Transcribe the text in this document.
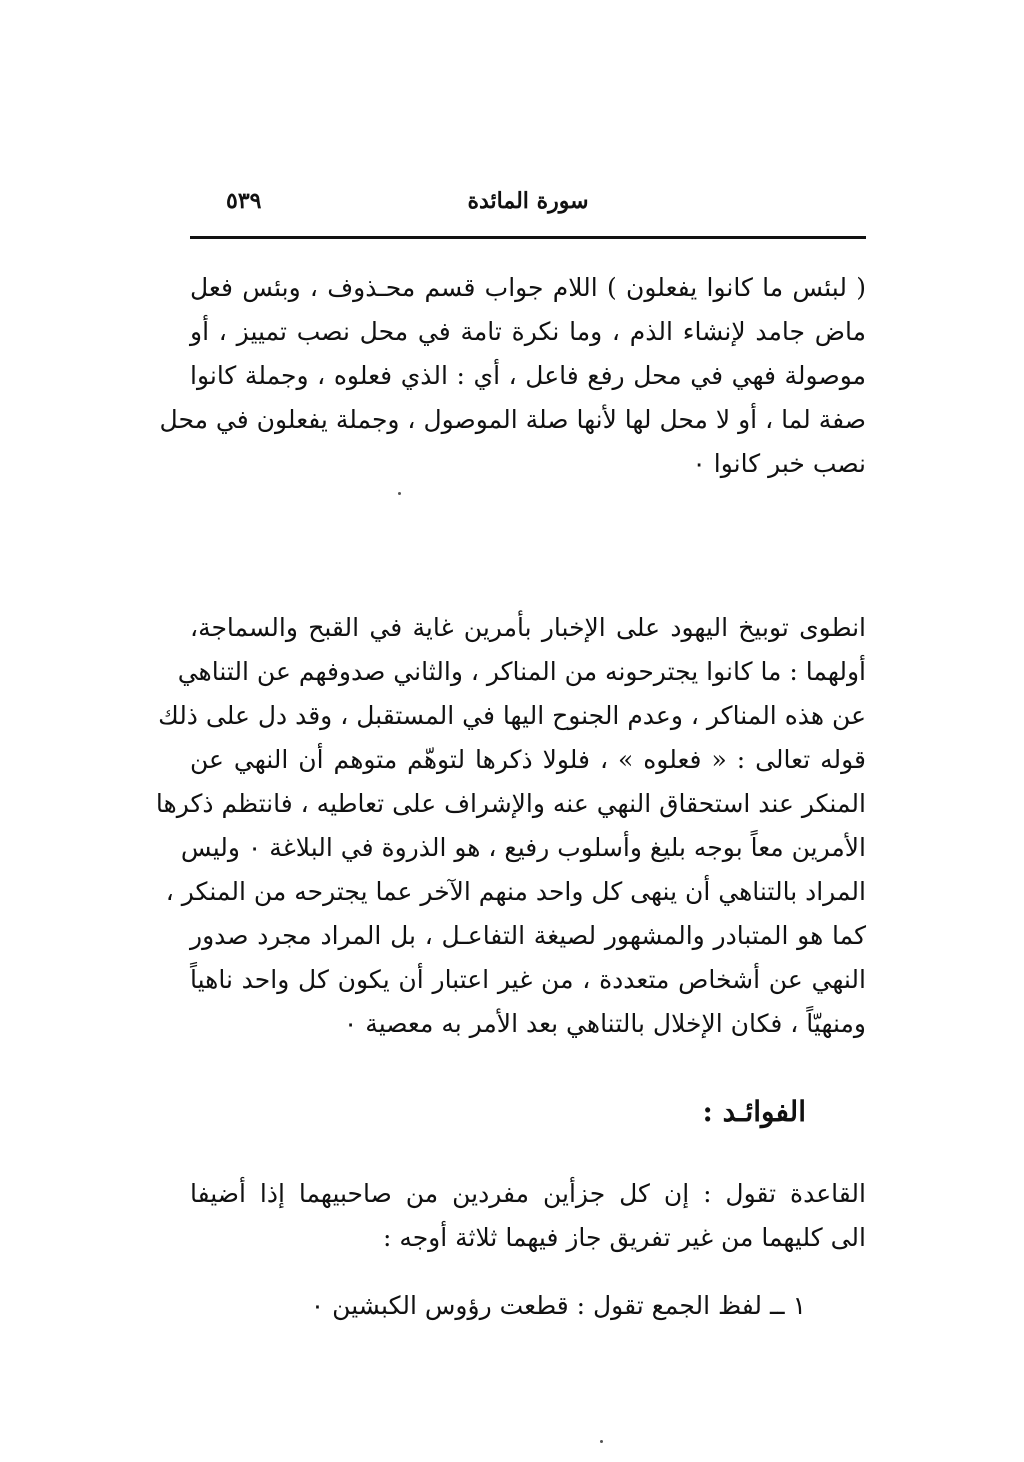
٥٣٩	سورة المائدة
( لبئس ما كانوا يفعلون ) اللام جواب قسم محـذوف ، وبئس فعل
ماض جامد لإنشاء الذم ، وما نكرة تامة في محل نصب تمييز ، أو
موصولة فهي في محل رفع فاعل ، أي : الذي فعلوه ، وجملة كانوا
صفة لما ، أو لا محل لها لأنها صلة الموصول ، وجملة يفعلون في محل
نصب خبر كانوا ٠
انطوى توبيخ اليهود على الإخبار بأمرين غاية في القبح والسماجة،
أولهما : ما كانوا يجترحونه من المناكر ، والثاني صدوفهم عن التناهي
عن هذه المناكر ، وعدم الجنوح اليها في المستقبل ، وقد دل على ذلك
قوله تعالى : « فعلوه » ، فلولا ذكرها لتوهّم متوهم أن النهي عن
المنكر عند استحقاق النهي عنه والإشراف على تعاطيه ، فانتظم ذكرها
الأمرين معاً بوجه بليغ وأسلوب رفيع ، هو الذروة في البلاغة ٠ وليس
المراد بالتناهي أن ينهى كل واحد منهم الآخر عما يجترحه من المنكر ،
كما هو المتبادر والمشهور لصيغة التفاعـل ، بل المراد مجرد صدور
النهي عن أشخاص متعددة ، من غير اعتبار أن يكون كل واحد ناهياً
ومنهيّاً ، فكان الإخلال بالتناهي بعد الأمر به معصية ٠
الفوائـد :
القاعدة تقول : إن كل جزأين مفردين من صاحبيهما إذا أضيفا
الى كليهما من غير تفريق جاز فيهما ثلاثة أوجه :
١ ــ لفظ الجمع تقول : قطعت رؤوس الكبشين ٠
